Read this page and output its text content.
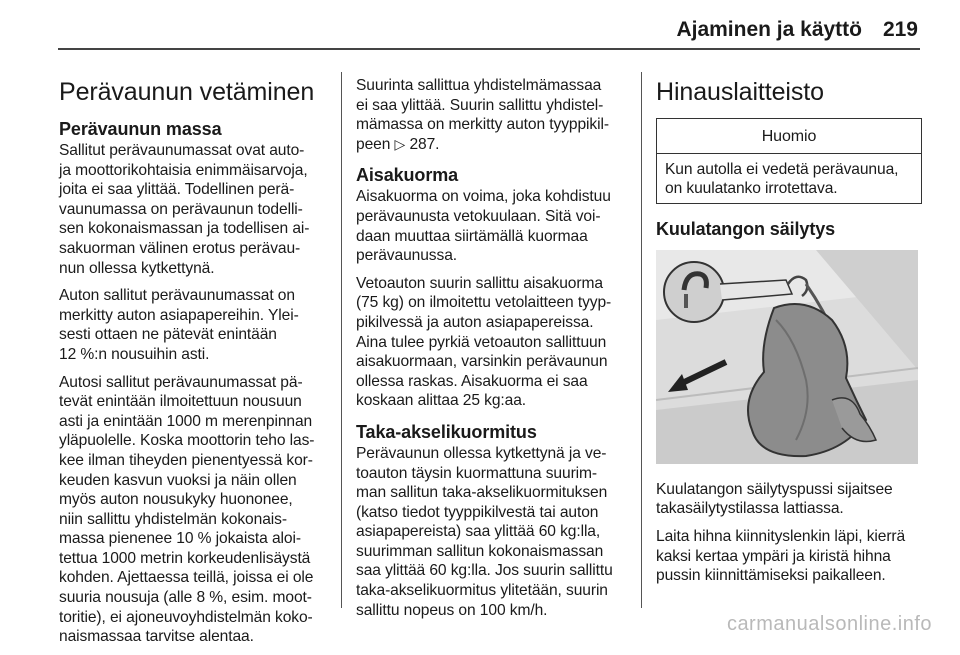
Ajaminen ja käyttö 219
Perävaunun vetäminen
Perävaunun massa

Sallitut perävaunumassat ovat auto-
ja moottorikohtaisia enimmäisarvoja,
joita ei saa ylittää. Todellinen perä-
vaunumassa on perävaunun todelli-
sen kokonaismassan ja todellisen ai-
sakuorman välinen erotus perävau-
nun ollessa kytkettynä.

Auton sallitut perävaunumassat on
merkitty auton asiapapereihin. Ylei-
sesti ottaen ne pätevät enintään
12 %:n nousuihin asti.

Autosi sallitut perävaunumassat pä-
tevät enintään ilmoitettuun nousuun
asti ja enintään 1000 m merenpinnan
yläpuolelle. Koska moottorin teho las-
kee ilman tiheyden pienentyessä kor-
keuden kasvun vuoksi ja näin ollen
myös auton nousukyky huononee,
niin sallittu yhdistelmän kokonais-
massa pienenee 10 % jokaista aloi-
tettua 1000 metrin korkeudenlisäystä
kohden. Ajettaessa teillä, joissa ei ole
suuria nousuja (alle 8 %, esim. moot-
toritie), ei ajoneuvoyhdistelmän koko-
naismassaa tarvitse alentaa.

Suurinta sallittua yhdistelmämassaa
ei saa ylittää. Suurin sallittu yhdistel-
mämassa on merkitty auton tyyppikil-
peen ▷ 287.

Aisakuorma

Aisakuorma on voima, joka kohdistuu
perävaunusta vetokuulaan. Sitä voi-
daan muuttaa siirtämällä kuormaa
perävaunussa.

Vetoauton suurin sallittu aisakuorma
(75 kg) on ilmoitettu vetolaitteen tyyp-
pikilvessä ja auton asiapapereissa.
Aina tulee pyrkiä vetoauton sallittuun
aisakuormaan, varsinkin perävaunun
ollessa raskas. Aisakuorma ei saa
koskaan alittaa 25 kg:aa.

Taka-akselikuormitus

Perävaunun ollessa kytkettynä ja ve-
toauton täysin kuormattuna suurim-
man sallitun taka-akselikuormituksen
(katso tiedot tyyppikilvestä tai auton
asiapapereista) saa ylittää 60 kg:lla,
suurimman sallitun kokonaismassan
saa ylittää 60 kg:lla. Jos suurin sallittu
taka-akselikuormitus ylitetään, suurin
sallittu nopeus on 100 km/h.

Hinauslaitteisto
Huomio

Kun autolla ei vedetä perävaunua,
on kuulatanko irrotettava.

Kuulatangon säilytys

Kuulatangon säilytyspussi sijaitsee
takasäilytystilassa lattiassa.

Laita hihna kiinnityslenkin läpi, kierrä
kaksi kertaa ympäri ja kiristä hihna
pussin kiinnittämiseksi paikalleen.

carmanualsonline.info
